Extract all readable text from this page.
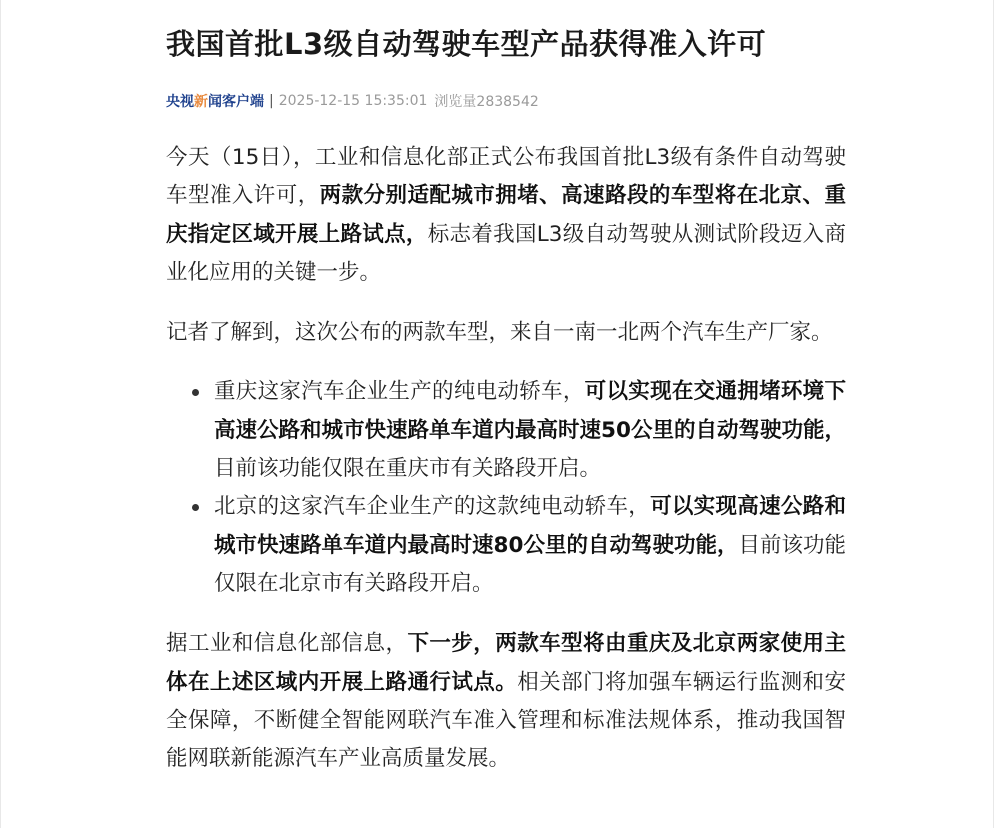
我国首批L3级自动驾驶车型产品获得准入许可
央视新闻客户端 | 2025-12-15 15:35:01 浏览量2838542

今天（15日），工业和信息化部正式公布我国首批L3级有条件自动驾驶车型准入许可，两款分别适配城市拥堵、高速路段的车型将在北京、重庆指定区域开展上路试点，标志着我国L3级自动驾驶从测试阶段迈入商业化应用的关键一步。

记者了解到，这次公布的两款车型，来自一南一北两个汽车生产厂家。

重庆这家汽车企业生产的纯电动轿车，可以实现在交通拥堵环境下高速公路和城市快速路单车道内最高时速50公里的自动驾驶功能，目前该功能仅限在重庆市有关路段开启。
北京的这家汽车企业生产的这款纯电动轿车，可以实现高速公路和城市快速路单车道内最高时速80公里的自动驾驶功能，目前该功能仅限在北京市有关路段开启。

据工业和信息化部信息，下一步，两款车型将由重庆及北京两家使用主体在上述区域内开展上路通行试点。相关部门将加强车辆运行监测和安全保障，不断健全智能网联汽车准入管理和标准法规体系，推动我国智能网联新能源汽车产业高质量发展。
